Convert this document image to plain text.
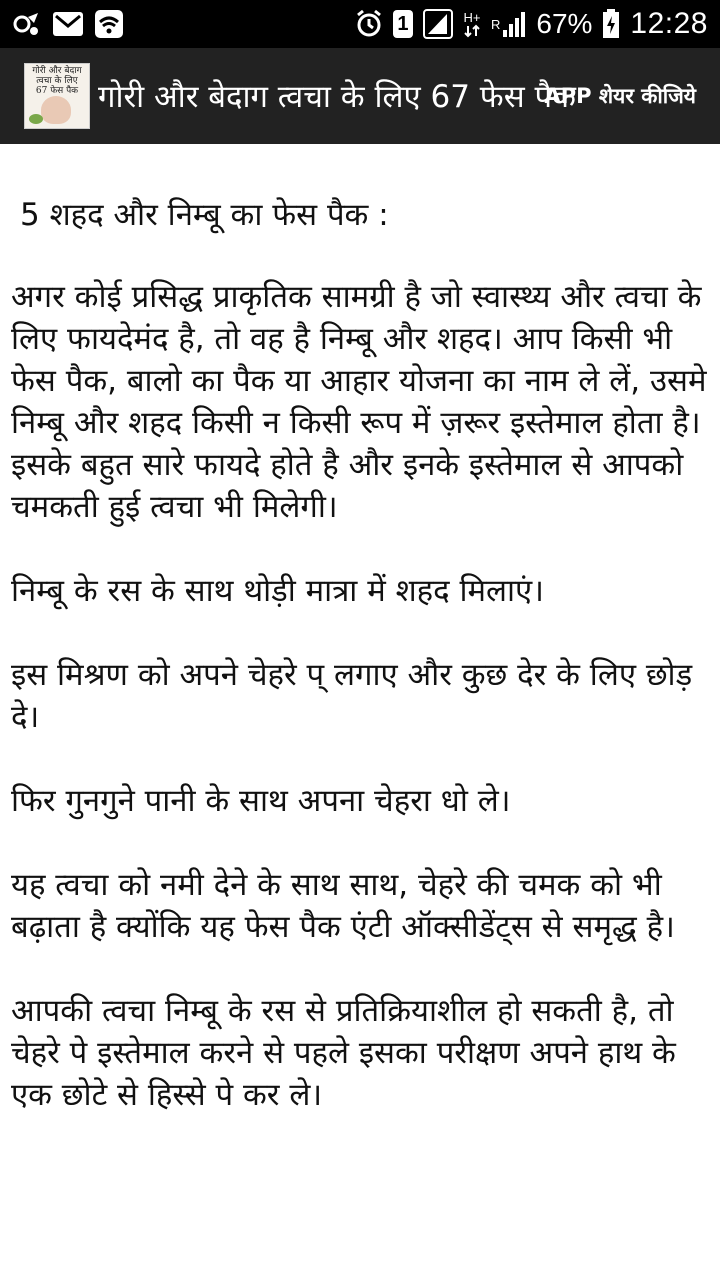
1	H+ R 67% 12:28
गोरी और बेदाग
त्वचा के लिए
67 फेस पैक गोरी और बेदाग त्वचा के लिए 67 फेस पैक
APP शेयर कीजिये

5 शहद और निम्बू का फेस पैक :

अगर कोई प्रसिद्ध प्राकृतिक सामग्री है जो स्वास्थ्य और त्वचा के लिए फायदेमंद है, तो वह है निम्बू और शहद। आप किसी भी फेस पैक, बालो का पैक या आहार योजना का नाम ले लें, उसमे निम्बू और शहद किसी न किसी रूप में ज़रूर इस्तेमाल होता है। इसके बहुत सारे फायदे होते है और इनके इस्तेमाल से आपको चमकती हुई त्वचा भी मिलेगी।

निम्बू के रस के साथ थोड़ी मात्रा में शहद मिलाएं।

इस मिश्रण को अपने चेहरे प् लगाए और कुछ देर के लिए छोड़ दे।

फिर गुनगुने पानी के साथ अपना चेहरा धो ले।

यह त्वचा को नमी देने के साथ साथ, चेहरे की चमक को भी बढ़ाता है क्योंकि यह फेस पैक एंटी ऑक्सीडेंट्स से समृद्ध है।

आपकी त्वचा निम्बू के रस से प्रतिक्रियाशील हो सकती है, तो चेहरे पे इस्तेमाल करने से पहले इसका परीक्षण अपने हाथ के एक छोटे से हिस्से पे कर ले।
